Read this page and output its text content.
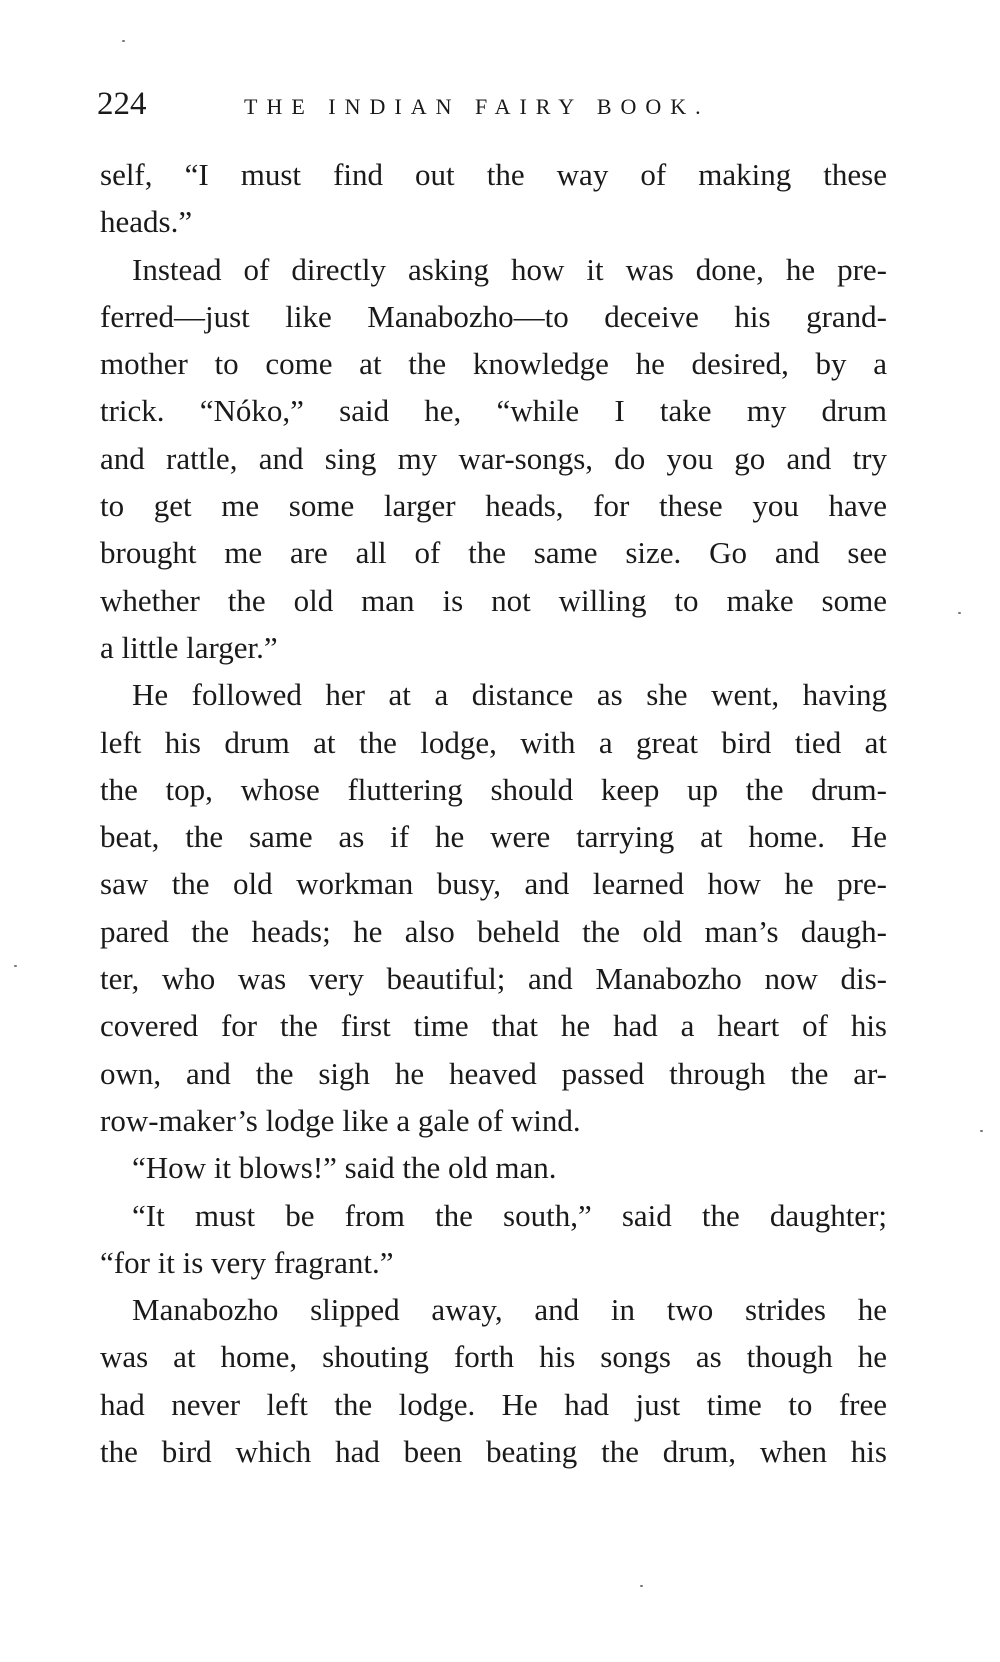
224	THE INDIAN FAIRY BOOK.
self, “I must find out the way of making these
heads.”
Instead of directly asking how it was done, he pre-
ferred—just like Manabozho—to deceive his grand-
mother to come at the knowledge he desired, by a
trick. “Nóko,” said he, “while I take my drum
and rattle, and sing my war-songs, do you go and try
to get me some larger heads, for these you have
brought me are all of the same size. Go and see
whether the old man is not willing to make some
a little larger.”
He followed her at a distance as she went, having
left his drum at the lodge, with a great bird tied at
the top, whose fluttering should keep up the drum-
beat, the same as if he were tarrying at home. He
saw the old workman busy, and learned how he pre-
pared the heads; he also beheld the old man’s daugh-
ter, who was very beautiful; and Manabozho now dis-
covered for the first time that he had a heart of his
own, and the sigh he heaved passed through the ar-
row-maker’s lodge like a gale of wind.
“How it blows!” said the old man.
“It must be from the south,” said the daughter;
“for it is very fragrant.”
Manabozho slipped away, and in two strides he
was at home, shouting forth his songs as though he
had never left the lodge. He had just time to free
the bird which had been beating the drum, when his
